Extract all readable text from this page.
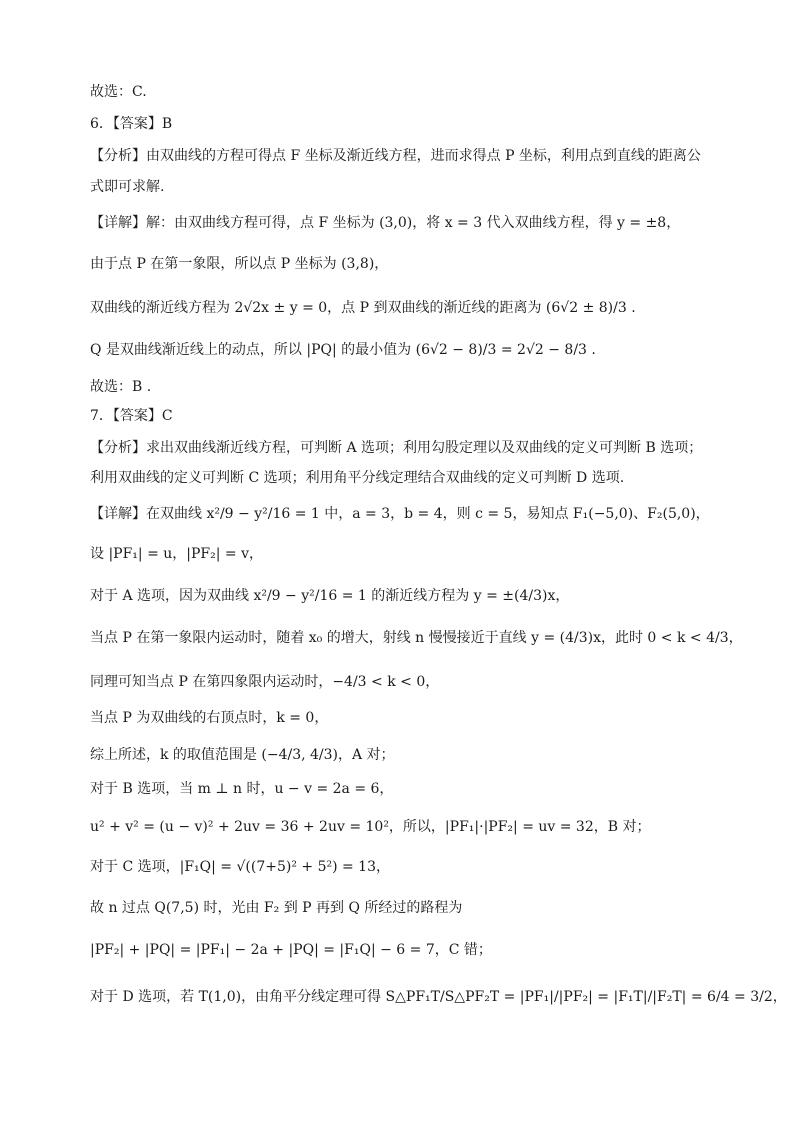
故选：C.
6．【答案】B
【分析】由双曲线的方程可得点 F 坐标及渐近线方程，进而求得点 P 坐标，利用点到直线的距离公
式即可求解.
【详解】解：由双曲线方程可得，点 F 坐标为 (3,0)，将 x = 3 代入双曲线方程，得 y = ±8，
由于点 P 在第一象限，所以点 P 坐标为 (3,8)，
双曲线的渐近线方程为 2√2x ± y = 0，点 P 到双曲线的渐近线的距离为 (6√2 ± 8)/3 .
Q 是双曲线渐近线上的动点，所以 |PQ| 的最小值为 (6√2 − 8)/3 = 2√2 − 8/3 .
故选：B .
7．【答案】C
【分析】求出双曲线渐近线方程，可判断 A 选项；利用勾股定理以及双曲线的定义可判断 B 选项；
利用双曲线的定义可判断 C 选项；利用角平分线定理结合双曲线的定义可判断 D 选项.
【详解】在双曲线 x²/9 − y²/16 = 1 中，a = 3，b = 4，则 c = 5，易知点 F₁(−5,0)、F₂(5,0)，
设 |PF₁| = u，|PF₂| = v，
对于 A 选项，因为双曲线 x²/9 − y²/16 = 1 的渐近线方程为 y = ±(4/3)x，
当点 P 在第一象限内运动时，随着 x₀ 的增大，射线 n 慢慢接近于直线 y = (4/3)x，此时 0 < k < 4/3，
同理可知当点 P 在第四象限内运动时，−4/3 < k < 0，
当点 P 为双曲线的右顶点时，k = 0，
综上所述，k 的取值范围是 (−4/3, 4/3)，A 对；
对于 B 选项，当 m ⊥ n 时，u − v = 2a = 6，
u² + v² = (u − v)² + 2uv = 36 + 2uv = 10²，所以，|PF₁|·|PF₂| = uv = 32，B 对；
对于 C 选项，|F₁Q| = √((7+5)² + 5²) = 13，
故 n 过点 Q(7,5) 时，光由 F₂ 到 P 再到 Q 所经过的路程为
|PF₂| + |PQ| = |PF₁| − 2a + |PQ| = |F₁Q| − 6 = 7，C 错；
对于 D 选项，若 T(1,0)，由角平分线定理可得 S△PF₁T/S△PF₂T = |PF₁|/|PF₂| = |F₁T|/|F₂T| = 6/4 = 3/2，
